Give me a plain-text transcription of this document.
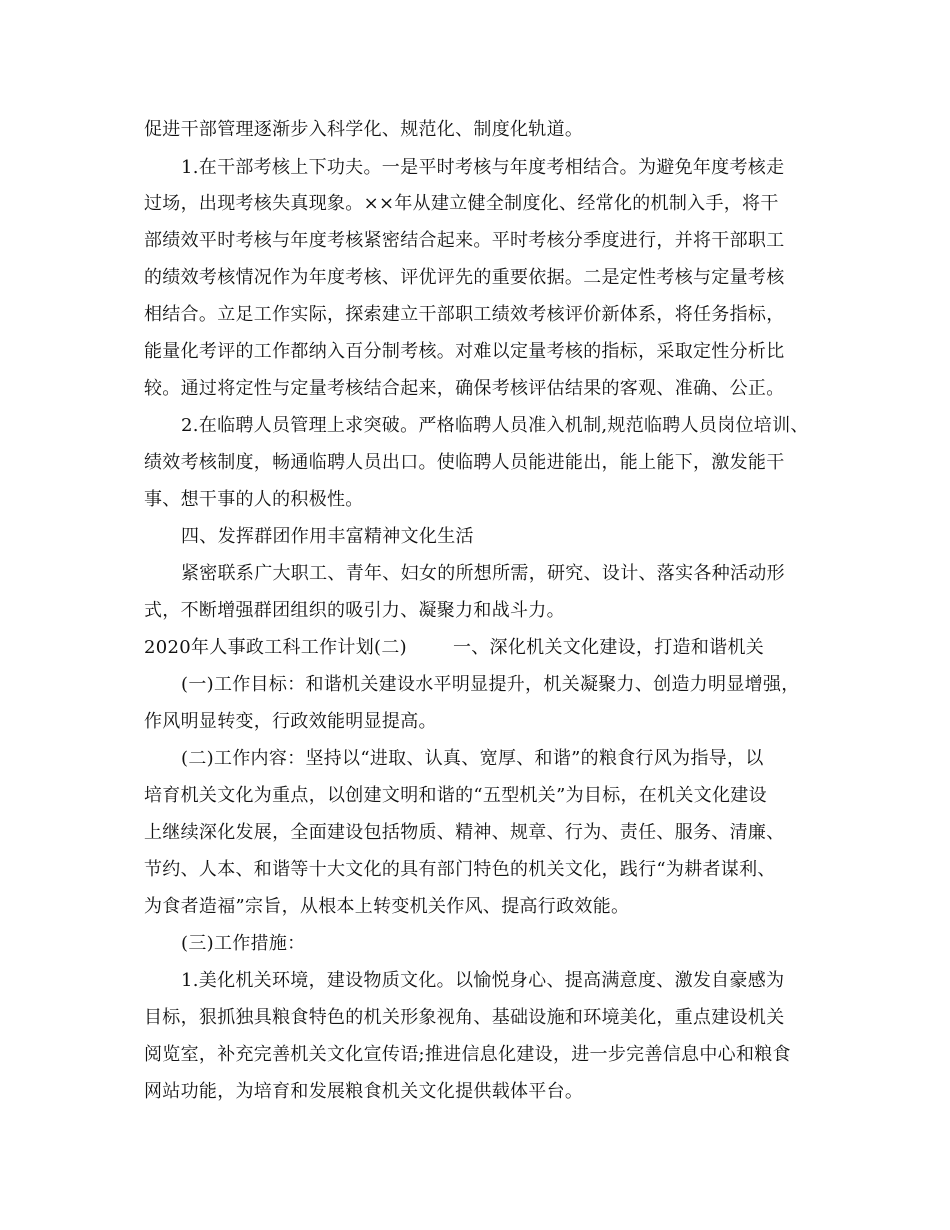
促进干部管理逐渐步入科学化、规范化、制度化轨道。
1.在干部考核上下功夫。一是平时考核与年度考相结合。为避免年度考核走
过场，出现考核失真现象。××年从建立健全制度化、经常化的机制入手，将干
部绩效平时考核与年度考核紧密结合起来。平时考核分季度进行，并将干部职工
的绩效考核情况作为年度考核、评优评先的重要依据。二是定性考核与定量考核
相结合。立足工作实际，探索建立干部职工绩效考核评价新体系，将任务指标，
能量化考评的工作都纳入百分制考核。对难以定量考核的指标，采取定性分析比
较。通过将定性与定量考核结合起来，确保考核评估结果的客观、准确、公正。
2.在临聘人员管理上求突破。严格临聘人员准入机制,规范临聘人员岗位培训、
绩效考核制度，畅通临聘人员出口。使临聘人员能进能出，能上能下，激发能干
事、想干事的人的积极性。
四、发挥群团作用丰富精神文化生活
紧密联系广大职工、青年、妇女的所想所需，研究、设计、落实各种活动形
式，不断增强群团组织的吸引力、凝聚力和战斗力。
2020年人事政工科工作计划(二)	一、深化机关文化建设，打造和谐机关
(一)工作目标：和谐机关建设水平明显提升，机关凝聚力、创造力明显增强，
作风明显转变，行政效能明显提高。
(二)工作内容：坚持以“进取、认真、宽厚、和谐”的粮食行风为指导，以
培育机关文化为重点，以创建文明和谐的“五型机关”为目标，在机关文化建设
上继续深化发展，全面建设包括物质、精神、规章、行为、责任、服务、清廉、
节约、人本、和谐等十大文化的具有部门特色的机关文化，践行“为耕者谋利、
为食者造福”宗旨，从根本上转变机关作风、提高行政效能。
(三)工作措施：
1.美化机关环境，建设物质文化。以愉悦身心、提高满意度、激发自豪感为
目标，狠抓独具粮食特色的机关形象视角、基础设施和环境美化，重点建设机关
阅览室，补充完善机关文化宣传语;推进信息化建设，进一步完善信息中心和粮食
网站功能，为培育和发展粮食机关文化提供载体平台。
